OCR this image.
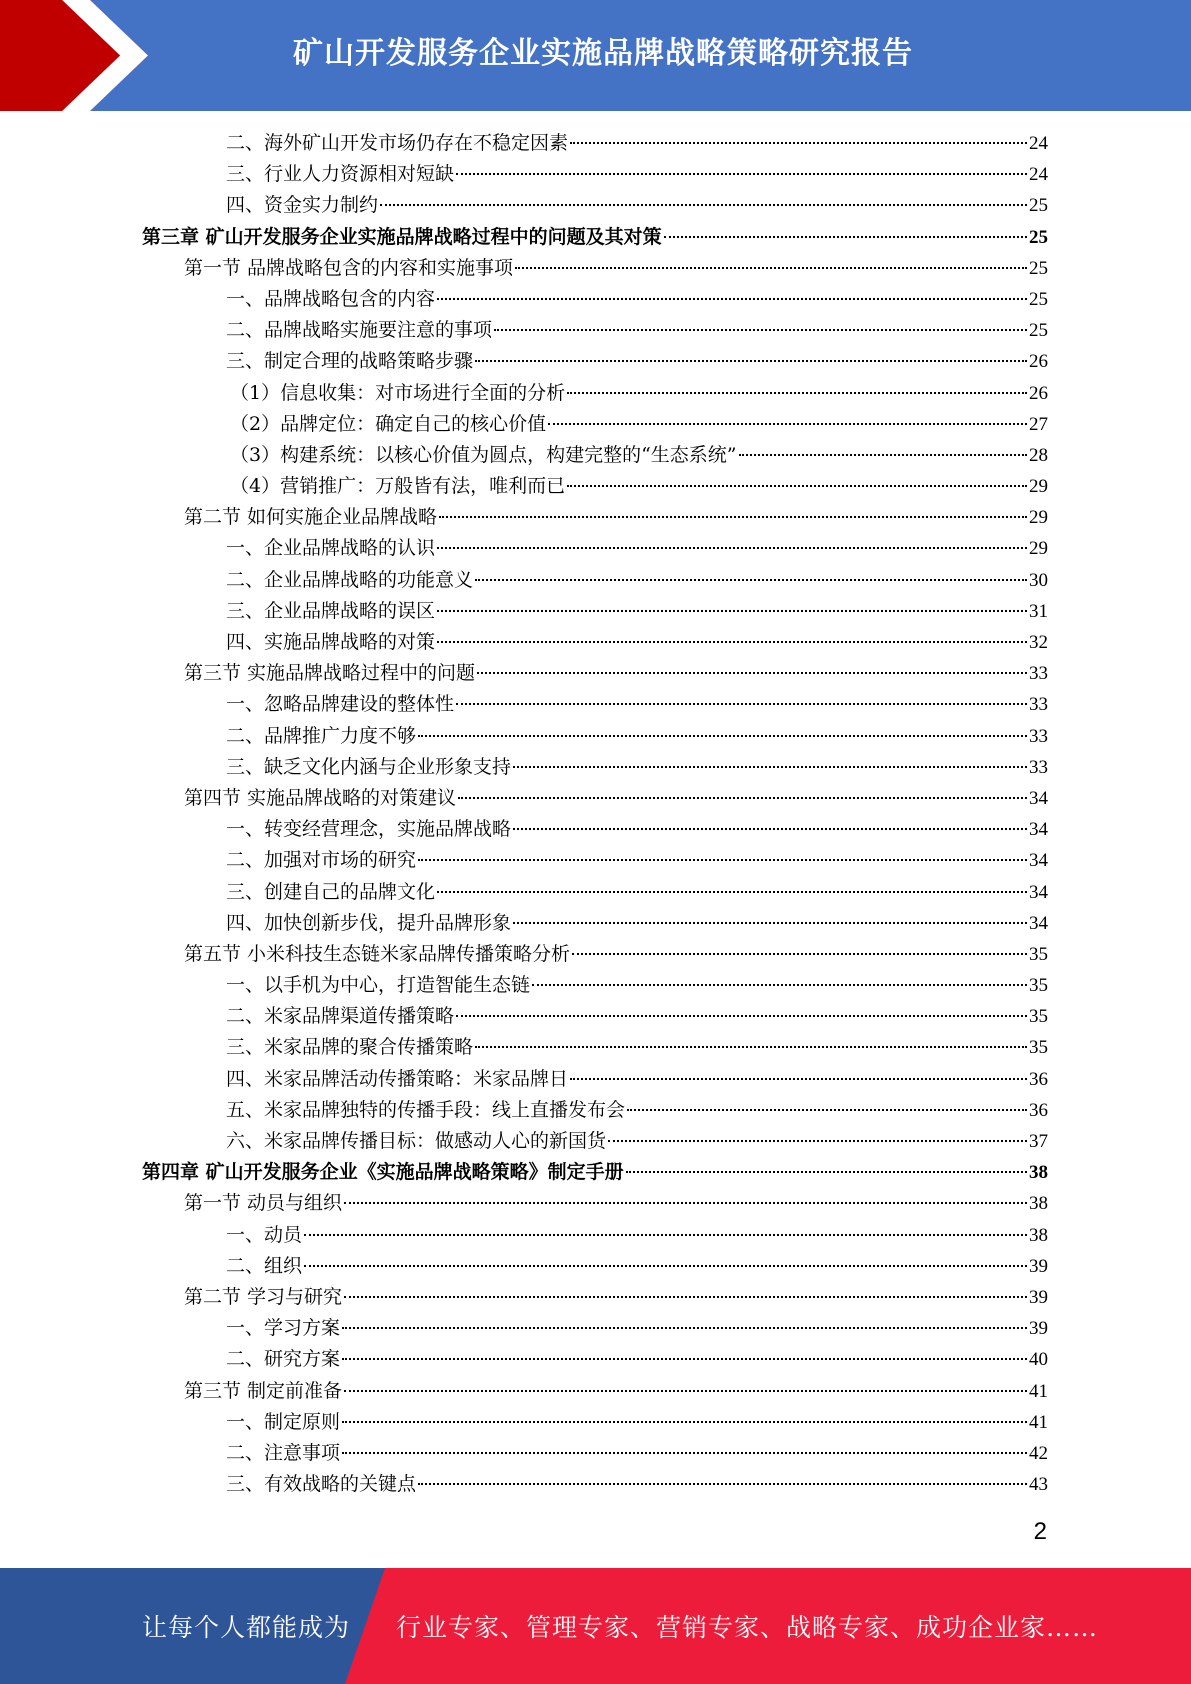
矿山开发服务企业实施品牌战略策略研究报告
二、海外矿山开发市场仍存在不稳定因素	24
三、行业人力资源相对短缺	24
四、资金实力制约	25
第三章 矿山开发服务企业实施品牌战略过程中的问题及其对策	25
第一节 品牌战略包含的内容和实施事项	25
一、品牌战略包含的内容	25
二、品牌战略实施要注意的事项	25
三、制定合理的战略策略步骤	26
（1）信息收集：对市场进行全面的分析	26
（2）品牌定位：确定自己的核心价值	27
（3）构建系统：以核心价值为圆点，构建完整的“生态系统”	28
（4）营销推广：万般皆有法，唯利而已	29
第二节 如何实施企业品牌战略	29
一、企业品牌战略的认识	29
二、企业品牌战略的功能意义	30
三、企业品牌战略的误区	31
四、实施品牌战略的对策	32
第三节 实施品牌战略过程中的问题	33
一、忽略品牌建设的整体性	33
二、品牌推广力度不够	33
三、缺乏文化内涵与企业形象支持	33
第四节 实施品牌战略的对策建议	34
一、转变经营理念，实施品牌战略	34
二、加强对市场的研究	34
三、创建自己的品牌文化	34
四、加快创新步伐，提升品牌形象	34
第五节 小米科技生态链米家品牌传播策略分析	35
一、以手机为中心，打造智能生态链	35
二、米家品牌渠道传播策略	35
三、米家品牌的聚合传播策略	35
四、米家品牌活动传播策略：米家品牌日	36
五、米家品牌独特的传播手段：线上直播发布会	36
六、米家品牌传播目标：做感动人心的新国货	37
第四章 矿山开发服务企业《实施品牌战略策略》制定手册	38
第一节 动员与组织	38
一、动员	38
二、组织	39
第二节 学习与研究	39
一、学习方案	39
二、研究方案	40
第三节 制定前准备	41
一、制定原则	41
二、注意事项	42
三、有效战略的关键点	43
2
让每个人都能成为 行业专家、管理专家、营销专家、战略专家、成功企业家……
